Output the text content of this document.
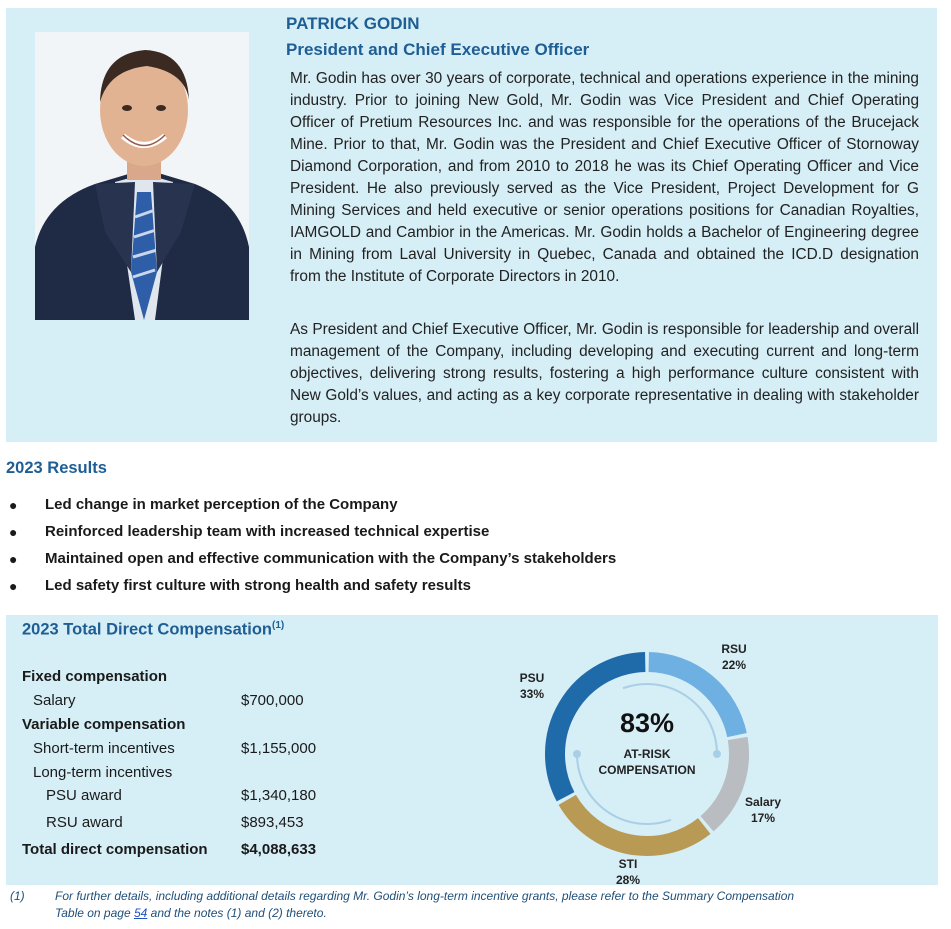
PATRICK GODIN
President and Chief Executive Officer
Mr. Godin has over 30 years of corporate, technical and operations experience in the mining industry. Prior to joining New Gold, Mr. Godin was Vice President and Chief Operating Officer of Pretium Resources Inc. and was responsible for the operations of the Brucejack Mine. Prior to that, Mr. Godin was the President and Chief Executive Officer of Stornoway Diamond Corporation, and from 2010 to 2018 he was its Chief Operating Officer and Vice President. He also previously served as the Vice President, Project Development for G Mining Services and held executive or senior operations positions for Canadian Royalties, IAMGOLD and Cambior in the Americas. Mr. Godin holds a Bachelor of Engineering degree in Mining from Laval University in Quebec, Canada and obtained the ICD.D designation from the Institute of Corporate Directors in 2010.
As President and Chief Executive Officer, Mr. Godin is responsible for leadership and overall management of the Company, including developing and executing current and long-term objectives, delivering strong results, fostering a high performance culture consistent with New Gold’s values, and acting as a key corporate representative in dealing with stakeholder groups.
2023 Results
● Led change in market perception of the Company
● Reinforced leadership team with increased technical expertise
● Maintained open and effective communication with the Company’s stakeholders
● Led safety first culture with strong health and safety results
2023 Total Direct Compensation$^{(1)}$
Fixed compensation
Salary	$700,000
Variable compensation
Short-term incentives	$1,155,000
Long-term incentives
PSU award	$1,340,180
RSU award	$893,453
Total direct compensation $4,088,633
RSU
22%
Salary
17%
STI
28%
PSU
33%
83%
AT-RISK
COMPENSATION
(1)	For further details, including additional details regarding Mr. Godin’s long-term incentive grants, please refer to the Summary Compensation
Table on page 54 and the notes (1) and (2) thereto.
